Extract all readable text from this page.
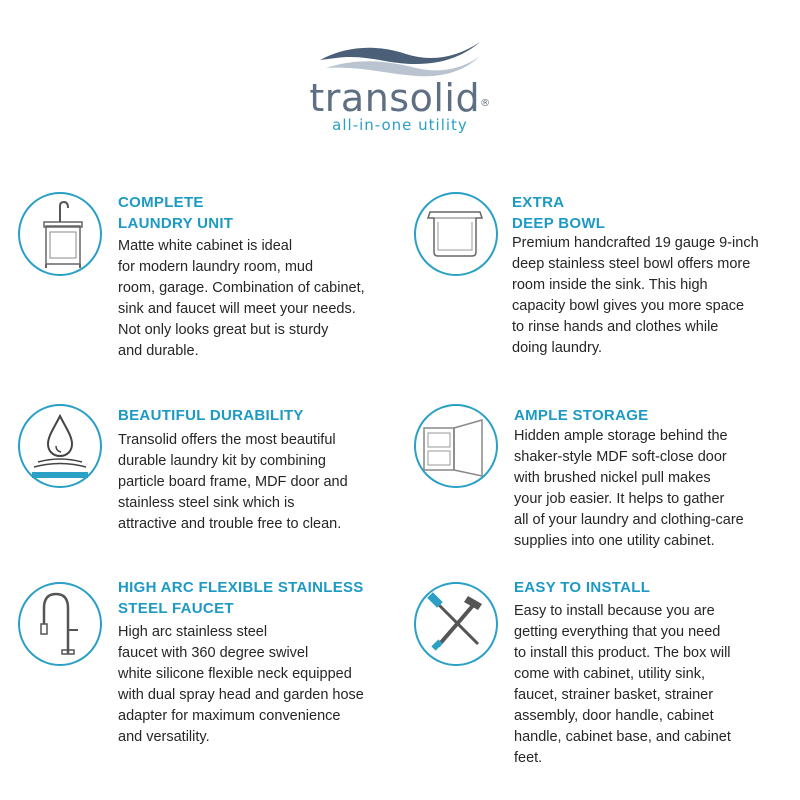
transolid®
all-in-one utility
COMPLETE
LAUNDRY UNIT
Matte white cabinet is ideal
for modern laundry room, mud
room, garage. Combination of cabinet,
sink and faucet will meet your needs.
Not only looks great but is sturdy
and durable.
EXTRA
DEEP BOWL
Premium handcrafted 19 gauge 9-inch
deep stainless steel bowl offers more
room inside the sink. This high
capacity bowl gives you more space
to rinse hands and clothes while
doing laundry.
BEAUTIFUL DURABILITY
Transolid offers the most beautiful
durable laundry kit by combining
particle board frame, MDF door and
stainless steel sink which is
attractive and trouble free to clean.
AMPLE STORAGE
Hidden ample storage behind the
shaker-style MDF soft-close door
with brushed nickel pull makes
your job easier. It helps to gather
all of your laundry and clothing-care
supplies into one utility cabinet.
HIGH ARC FLEXIBLE STAINLESS
STEEL FAUCET
High arc stainless steel
faucet with 360 degree swivel
white silicone flexible neck equipped
with dual spray head and garden hose
adapter for maximum convenience
and versatility.
EASY TO INSTALL
Easy to install because you are
getting everything that you need
to install this product. The box will
come with cabinet, utility sink,
faucet, strainer basket, strainer
assembly, door handle, cabinet
handle, cabinet base, and cabinet
feet.
